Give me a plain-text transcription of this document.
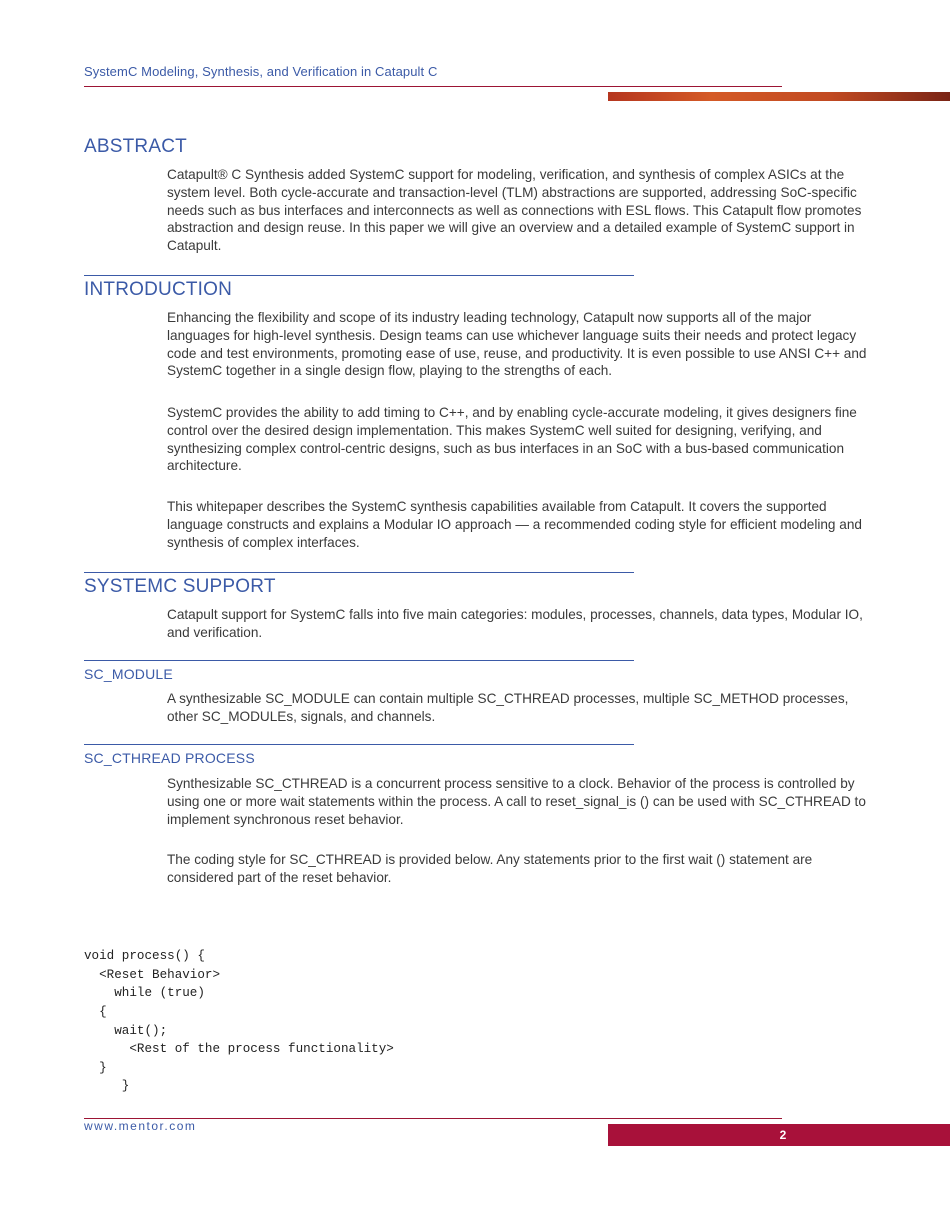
SystemC Modeling, Synthesis, and Verification in Catapult C
ABSTRACT

Catapult® C Synthesis added SystemC support for modeling, verification, and synthesis of complex ASICs at the system level. Both cycle-accurate and transaction-level (TLM) abstractions are supported, addressing SoC-specific needs such as bus interfaces and interconnects as well as connections with ESL flows. This Catapult flow promotes abstraction and design reuse. In this paper we will give an overview and a detailed example of SystemC support in Catapult.

INTRODUCTION

Enhancing the flexibility and scope of its industry leading technology, Catapult now supports all of the major languages for high-level synthesis. Design teams can use whichever language suits their needs and protect legacy code and test environments, promoting ease of use, reuse, and productivity. It is even possible to use ANSI C++ and SystemC together in a single design flow, playing to the strengths of each.

SystemC provides the ability to add timing to C++, and by enabling cycle-accurate modeling, it gives designers fine control over the desired design implementation. This makes SystemC well suited for designing, verifying, and synthesizing complex control-centric designs, such as bus interfaces in an SoC with a bus-based communication architecture.

This whitepaper describes the SystemC synthesis capabilities available from Catapult. It covers the supported language constructs and explains a Modular IO approach — a recommended coding style for efficient modeling and synthesis of complex interfaces.

SYSTEMC SUPPORT

Catapult support for SystemC falls into five main categories: modules, processes, channels, data types, Modular IO, and verification.

SC_MODULE

A synthesizable SC_MODULE can contain multiple SC_CTHREAD processes, multiple SC_METHOD processes, other SC_MODULEs, signals, and channels.

SC_CTHREAD PROCESS

Synthesizable SC_CTHREAD is a concurrent process sensitive to a clock. Behavior of the process is controlled by using one or more wait statements within the process. A call to reset_signal_is () can be used with SC_CTHREAD to implement synchronous reset behavior.

The coding style for SC_CTHREAD is provided below. Any statements prior to the first wait () statement are considered part of the reset behavior.

void process() {
<Reset Behavior>
while (true)
{
wait();
<Rest of the process functionality>
}
}

www.mentor.com
2
